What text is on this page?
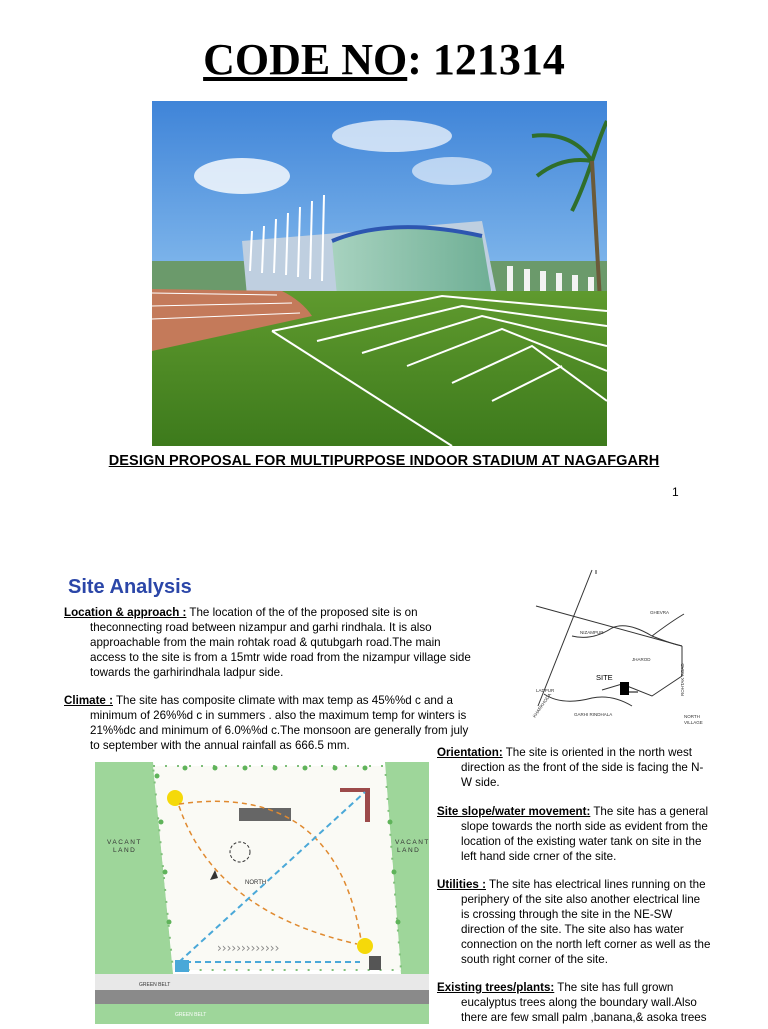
CODE NO: 121314
DESIGN PROPOSAL FOR MULTIPURPOSE INDOOR STADIUM AT NAGAFGARH
1
Site Analysis
Location & approach : The location of the of the proposed site is on
theconnecting road between nizampur and garhi rindhala. It is also
approachable from the main rohtak road & qutubgarh road.The main
access to the site is from a 15mtr wide road from the nizampur village side
towards the garhirindhala ladpur side.
Climate : The site has composite climate with max temp as 45%%d c and a
minimum of 26%%d c in summers . also the maximum temp for winters is
21%%dc and minimum of 6.0%%d c.The monsoon are generally from july
to september with the annual rainfall as 666.5 mm.
SITE
NIZAMPUR
GHEVRA
LADPUR	ROHTAK ROAD
NORTH
VILLAGE
KHARKHODA
JHAROD
GARHI RINDHALA
›››››››››››››
NORTH
VACANT LAND
VACANT LAND
GREEN BELT
GREEN BELT
Orientation: The site is oriented in the north west
direction as the front of the side is facing the N-
W side.
Site slope/water movement: The site has a general
slope towards the north side as evident from the
location of the existing water tank on site in the
left hand side crner of the site.
Utilities : The site has electrical lines running on the
periphery of the site also another electrical line
is crossing through the site in the NE-SW
direction of the site. The site also has water
connection on the north left corner as well as the
south right corner of the site.
Existing trees/plants: The site has full grown
eucalyptus trees along the boundary wall.Also
there are few small palm ,banana,& asoka trees
